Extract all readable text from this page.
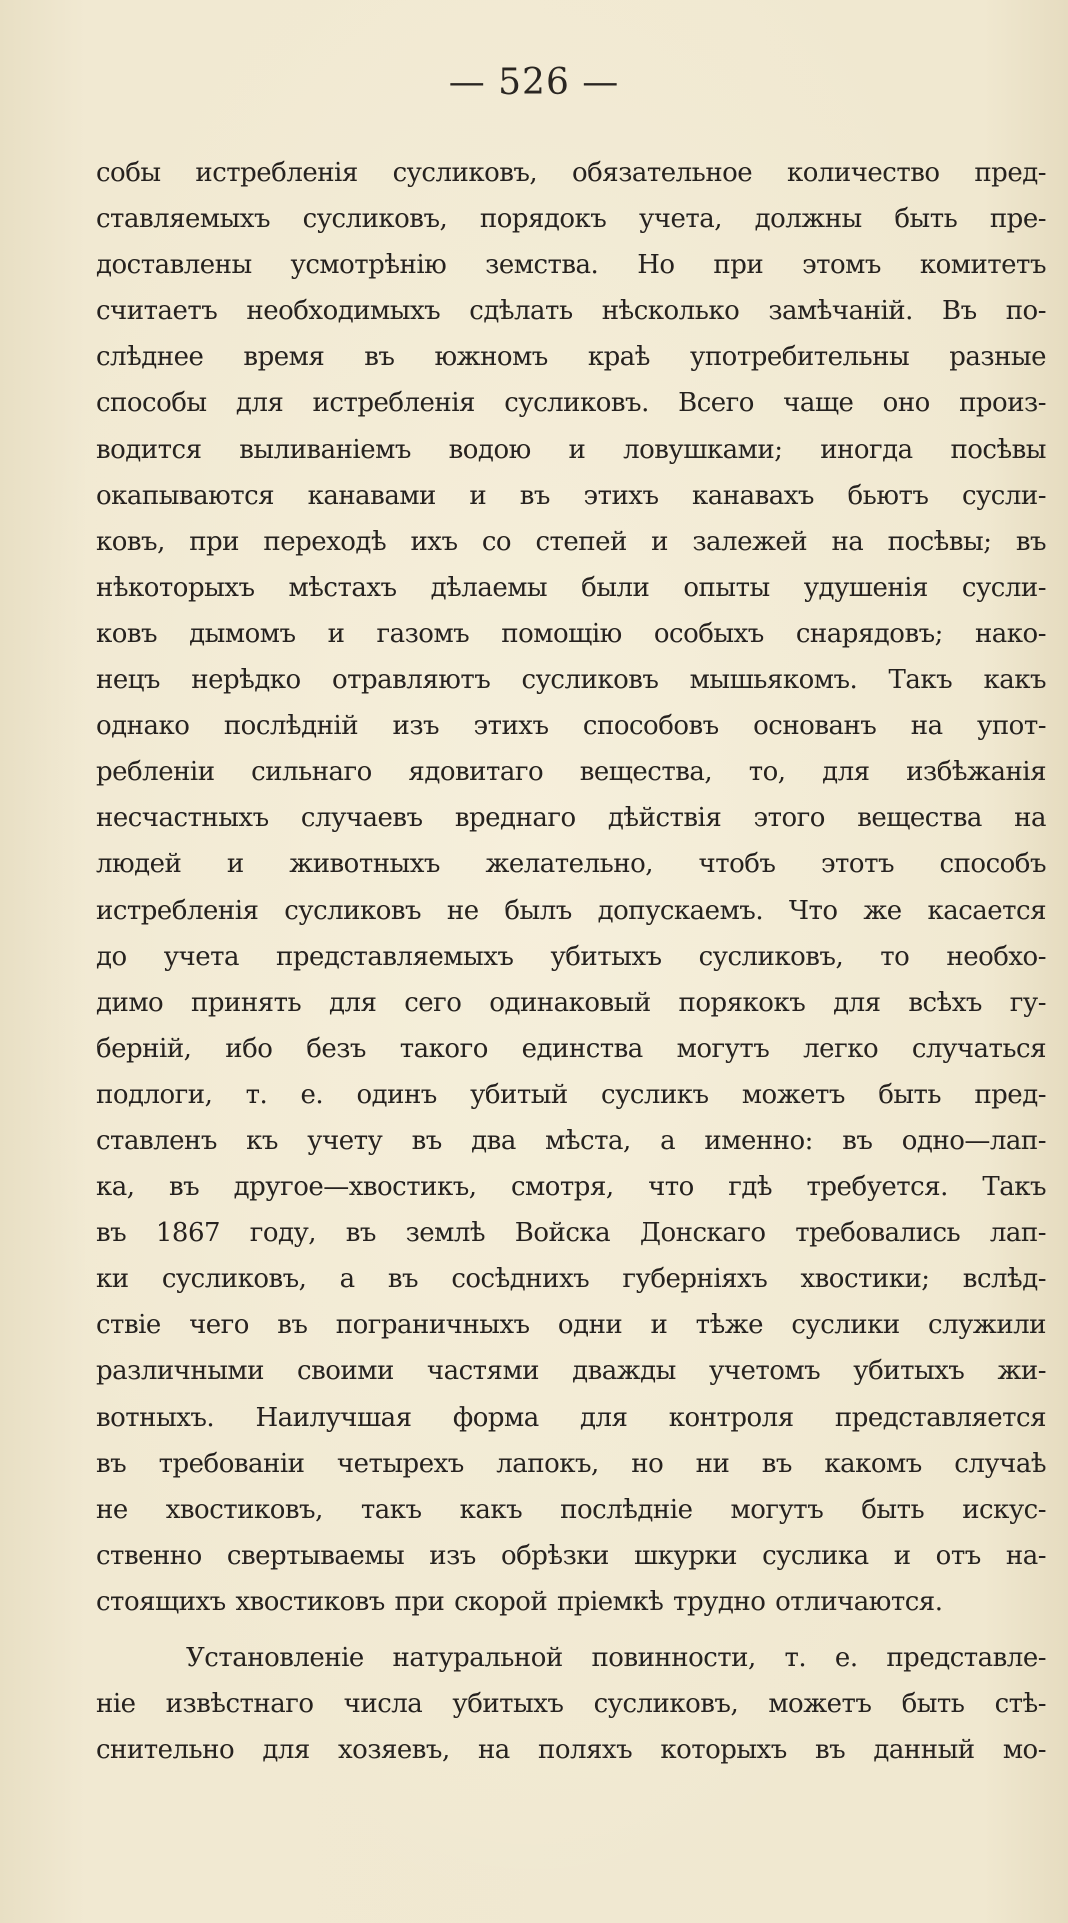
— 526 —
собы истребленія сусликовъ, обязательное количество пред-
ставляемыхъ сусликовъ, порядокъ учета, должны быть пре-
доставлены усмотрѣнію земства. Но при этомъ комитетъ
считаетъ необходимыхъ сдѣлать нѣсколько замѣчаній. Въ по-
слѣднее время въ южномъ краѣ употребительны разные
способы для истребленія сусликовъ. Всего чаще оно произ-
водится выливаніемъ водою и ловушками; иногда посѣвы
окапываются канавами и въ этихъ канавахъ бьютъ сусли-
ковъ, при переходѣ ихъ со степей и залежей на посѣвы; въ
нѣкоторыхъ мѣстахъ дѣлаемы были опыты удушенія сусли-
ковъ дымомъ и газомъ помощію особыхъ снарядовъ; нако-
нецъ нерѣдко отравляютъ сусликовъ мышьякомъ. Такъ какъ
однако послѣдній изъ этихъ способовъ основанъ на упот-
ребленіи сильнаго ядовитаго вещества, то, для избѣжанія
несчастныхъ случаевъ вреднаго дѣйствія этого вещества на
людей и животныхъ желательно, чтобъ этотъ способъ
истребленія сусликовъ не былъ допускаемъ. Что же касается
до учета представляемыхъ убитыхъ сусликовъ, то необхо-
димо принять для сего одинаковый порякокъ для всѣхъ гу-
берній, ибо безъ такого единства могутъ легко случаться
подлоги, т. е. одинъ убитый сусликъ можетъ быть пред-
ставленъ къ учету въ два мѣста, а именно: въ одно—лап-
ка, въ другое—хвостикъ, смотря, что гдѣ требуется. Такъ
въ 1867 году, въ землѣ Войска Донскаго требовались лап-
ки сусликовъ, а въ сосѣднихъ губерніяхъ хвостики; вслѣд-
ствіе чего въ пограничныхъ одни и тѣже суслики служили
различными своими частями дважды учетомъ убитыхъ жи-
вотныхъ. Наилучшая форма для контроля представляется
въ требованіи четырехъ лапокъ, но ни въ какомъ случаѣ
не хвостиковъ, такъ какъ послѣдніе могутъ быть искус-
ственно свертываемы изъ обрѣзки шкурки суслика и отъ на-
стоящихъ хвостиковъ при скорой пріемкѣ трудно отличаются.
Установленіе натуральной повинности, т. е. представле-
ніе извѣстнаго числа убитыхъ сусликовъ, можетъ быть стѣ-
снительно для хозяевъ, на поляхъ которыхъ въ данный мо-
